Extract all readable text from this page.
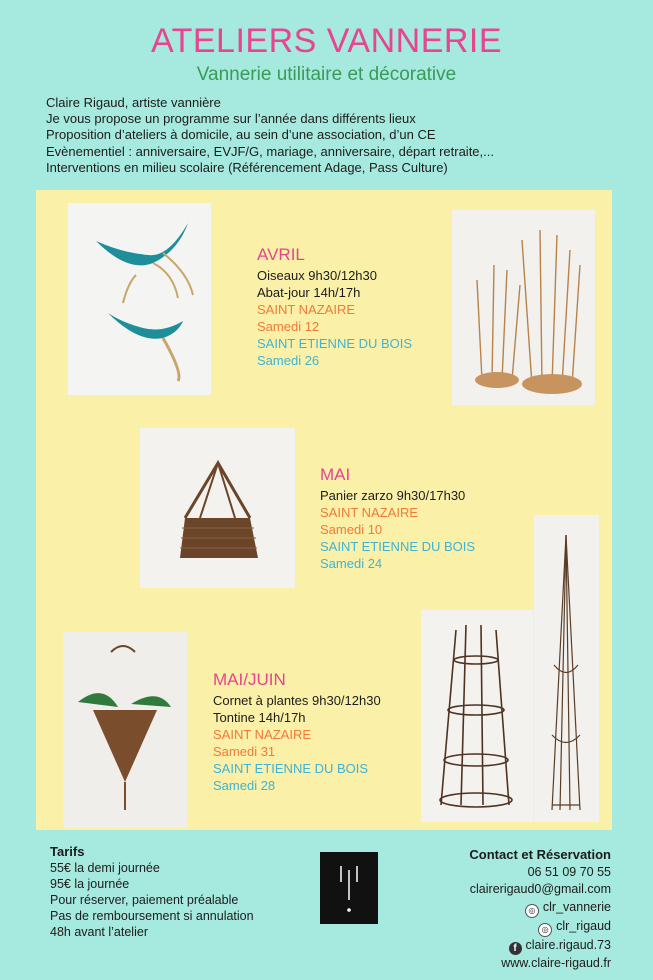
ATELIERS VANNERIE

Vannerie utilitaire et décorative

Claire Rigaud, artiste vannière
Je vous propose un programme sur l’année dans différents lieux
Proposition d’ateliers à domicile, au sein d’une association, d’un CE
Evènementiel : anniversaire, EVJF/G, mariage, anniversaire, départ retraite,...
Interventions en milieu scolaire (Référencement Adage, Pass Culture)
AVRIL
Oiseaux 9h30/12h30
Abat-jour 14h/17h
SAINT NAZAIRE
Samedi 12
SAINT ETIENNE DU BOIS
Samedi 26
MAI
Panier zarzo 9h30/17h30
SAINT NAZAIRE
Samedi 10
SAINT ETIENNE DU BOIS
Samedi 24
MAI/JUIN
Cornet à plantes 9h30/12h30
Tontine 14h/17h
SAINT NAZAIRE
Samedi 31
SAINT ETIENNE DU BOIS
Samedi 28
Tarifs
55€ la demi journée
95€ la journée
Pour réserver, paiement préalable
Pas de remboursement si annulation
48h avant l’atelier
Contact et Réservation
06 51 09 70 55
clairerigaud0@gmail.com
◎ clr_vannerie
◎ clr_rigaud
f claire.rigaud.73
www.claire-rigaud.fr
